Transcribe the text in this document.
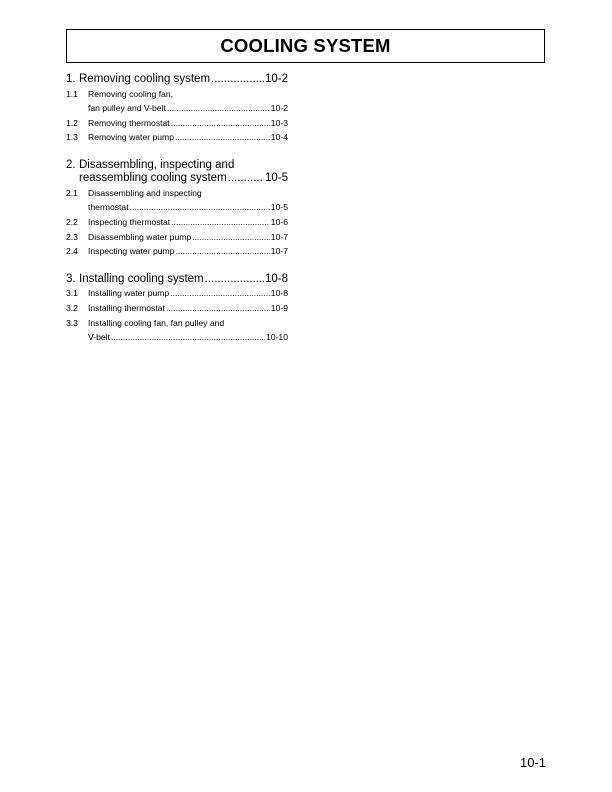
COOLING SYSTEM
1. Removing cooling system .....	10-2
1.1	Removing cooling fan,
fan pulley and V-belt .....	10-2
1.2	Removing thermostat .....	10-3
1.3	Removing water pump .....	10-4
2. Disassembling, inspecting and
reassembling cooling system .....	10-5
2.1	Disassembling and inspecting
thermostat .....	10-5
2.2	Inspecting thermostat .....	10-6
2.3	Disassembling water pump .....	10-7
2.4	Inspecting water pump .....	10-7
3. Installing cooling system .....	10-8
3.1	Installing water pump .....	10-8
3.2	Installing thermostat .....	10-9
3.3	Installing cooling fan, fan pulley and
V-belt .....	10-10
10-1
